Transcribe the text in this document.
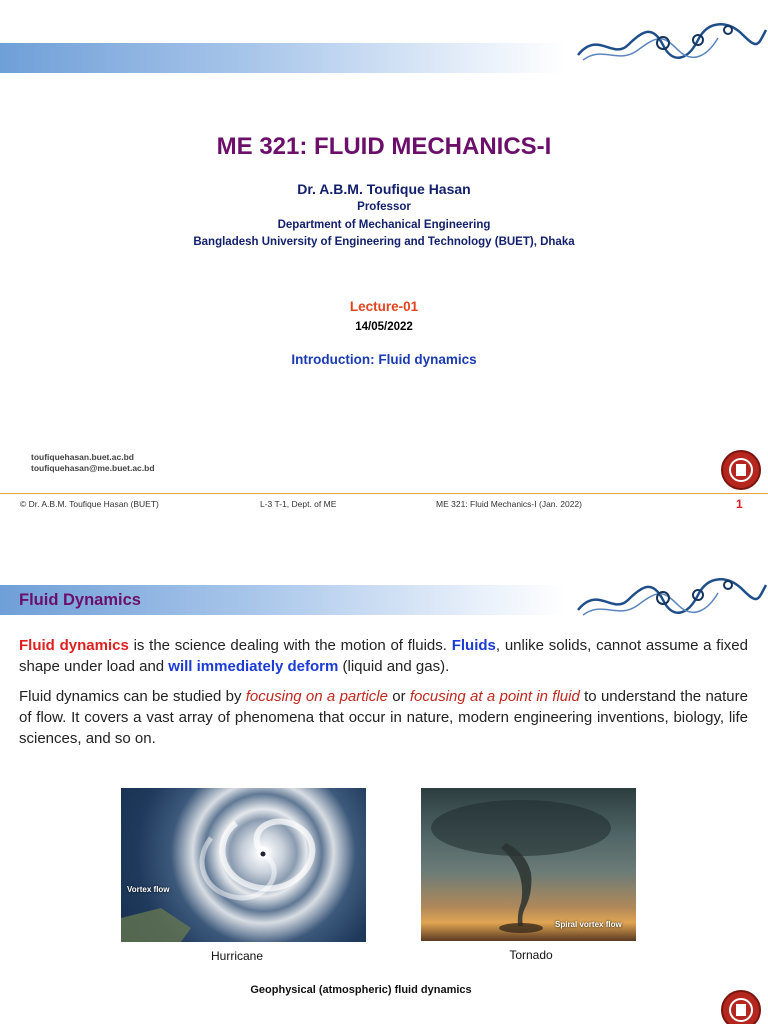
ME 321: FLUID MECHANICS-I
Dr. A.B.M. Toufique Hasan
Professor
Department of Mechanical Engineering
Bangladesh University of Engineering and Technology (BUET), Dhaka
Lecture-01
14/05/2022
Introduction: Fluid dynamics
toufiquehasan.buet.ac.bd
toufiquehasan@me.buet.ac.bd
© Dr. A.B.M. Toufique Hasan (BUET)	L-3 T-1, Dept. of ME	ME 321: Fluid Mechanics-I (Jan. 2022)	1
Fluid Dynamics
Fluid dynamics is the science dealing with the motion of fluids. Fluids, unlike solids, cannot assume a fixed shape under load and will immediately deform (liquid and gas).
Fluid dynamics can be studied by focusing on a particle or focusing at a point in fluid to understand the nature of flow. It covers a vast array of phenomena that occur in nature, modern engineering inventions, biology, life sciences, and so on.
Vortex flow
Hurricane
Spiral vortex flow
Tornado
Geophysical (atmospheric) fluid dynamics
